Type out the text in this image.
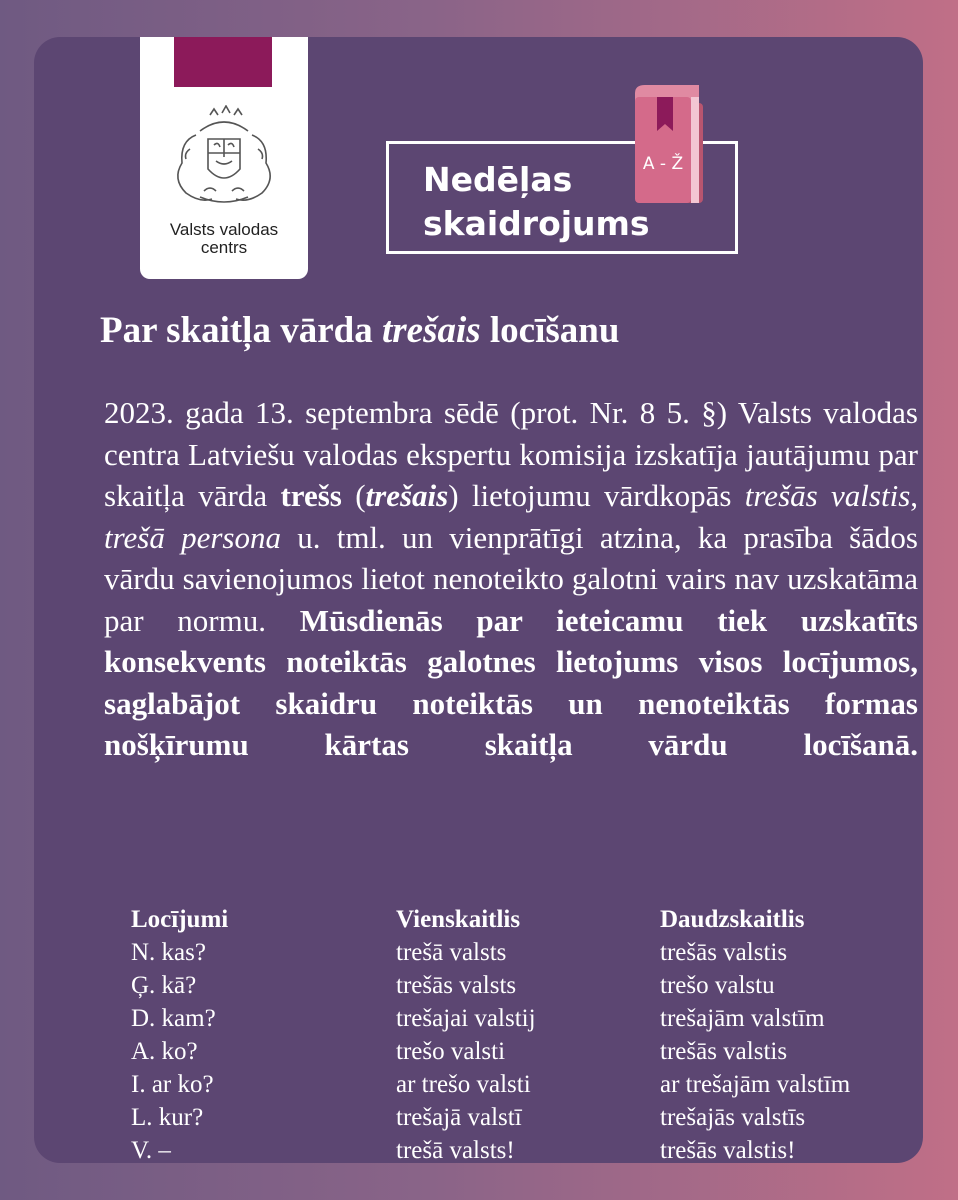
Valsts valodas
centrs
Nedēļas
skaidrojums
A - Ž
Par skaitļa vārda trešais locīšanu
2023. gada 13. septembra sēdē (prot. Nr. 8 5. §) Valsts valodas centra Latviešu valodas ekspertu komisija izskatīja jautājumu par skaitļa vārda trešs (trešais) lietojumu vārdkopās trešās valstis, trešā persona u. tml. un vienprātīgi atzina, ka prasība šādos vārdu savienojumos lietot nenoteikto galotni vairs nav uzskatāma par normu. Mūsdienās par ieteicamu tiek uzskatīts konsekvents noteiktās galotnes lietojums visos locījumos, saglabājot skaidru noteiktās un nenoteiktās formas nošķīrumu kārtas skaitļa vārdu locīšanā.
Locījumi
N. kas?
Ģ. kā?
D. kam?
A. ko?
I. ar ko?
L. kur?
V. –
Vienskaitlis
trešā valsts
trešās valsts
trešajai valstij
trešo valsti
ar trešo valsti
trešajā valstī
trešā valsts!
Daudzskaitlis
trešās valstis
trešo valstu
trešajām valstīm
trešās valstis
ar trešajām valstīm
trešajās valstīs
trešās valstis!
